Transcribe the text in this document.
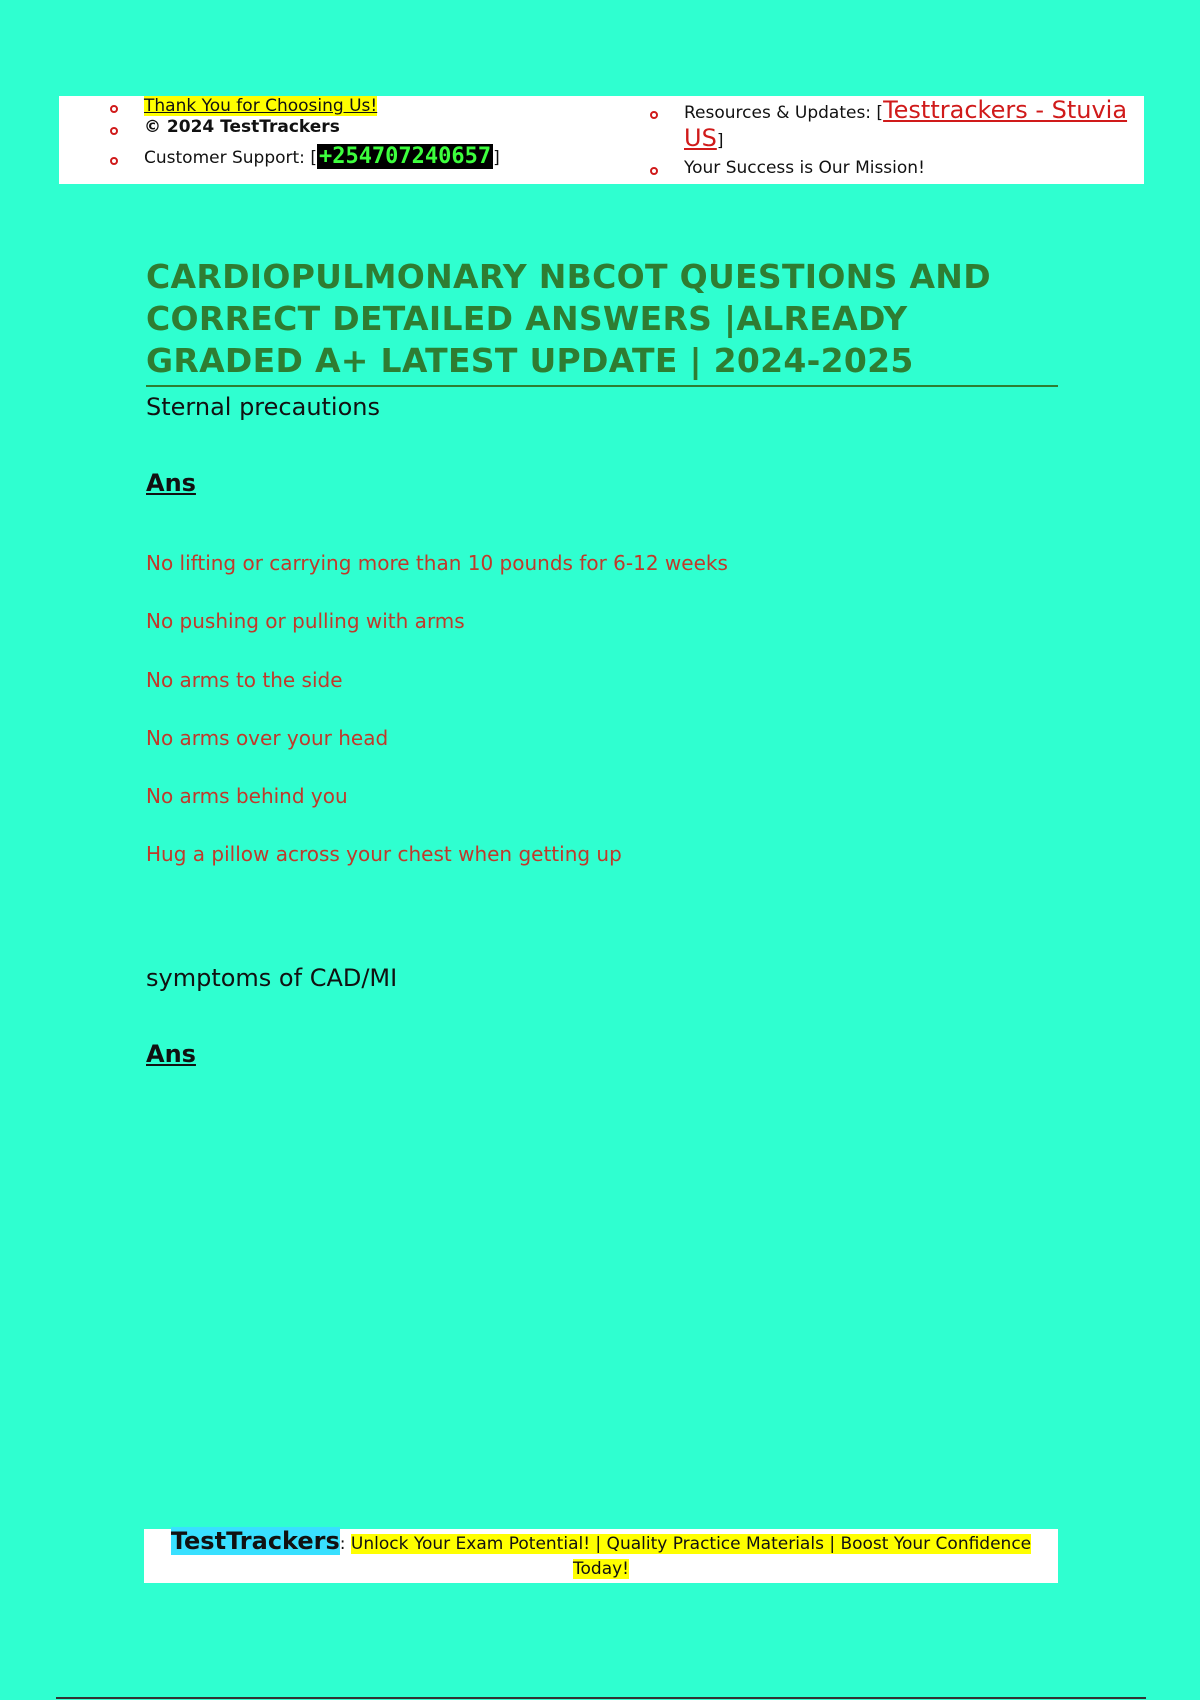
Thank You for Choosing Us!
© 2024 TestTrackers
Customer Support: [+254707240657 ]
Resources & Updates: [Testtrackers - Stuvia
US]
Your Success is Our Mission!
CARDIOPULMONARY NBCOT QUESTIONS AND CORRECT DETAILED ANSWERS |ALREADY GRADED A+ LATEST UPDATE | 2024-2025
Sternal precautions
Ans
No lifting or carrying more than 10 pounds for 6-12 weeks
No pushing or pulling with arms
No arms to the side
No arms over your head
No arms behind you
Hug a pillow across your chest when getting up
symptoms of CAD/MI
Ans
TestTrackers: Unlock Your Exam Potential! | Quality Practice Materials | Boost Your Confidence
Today!
